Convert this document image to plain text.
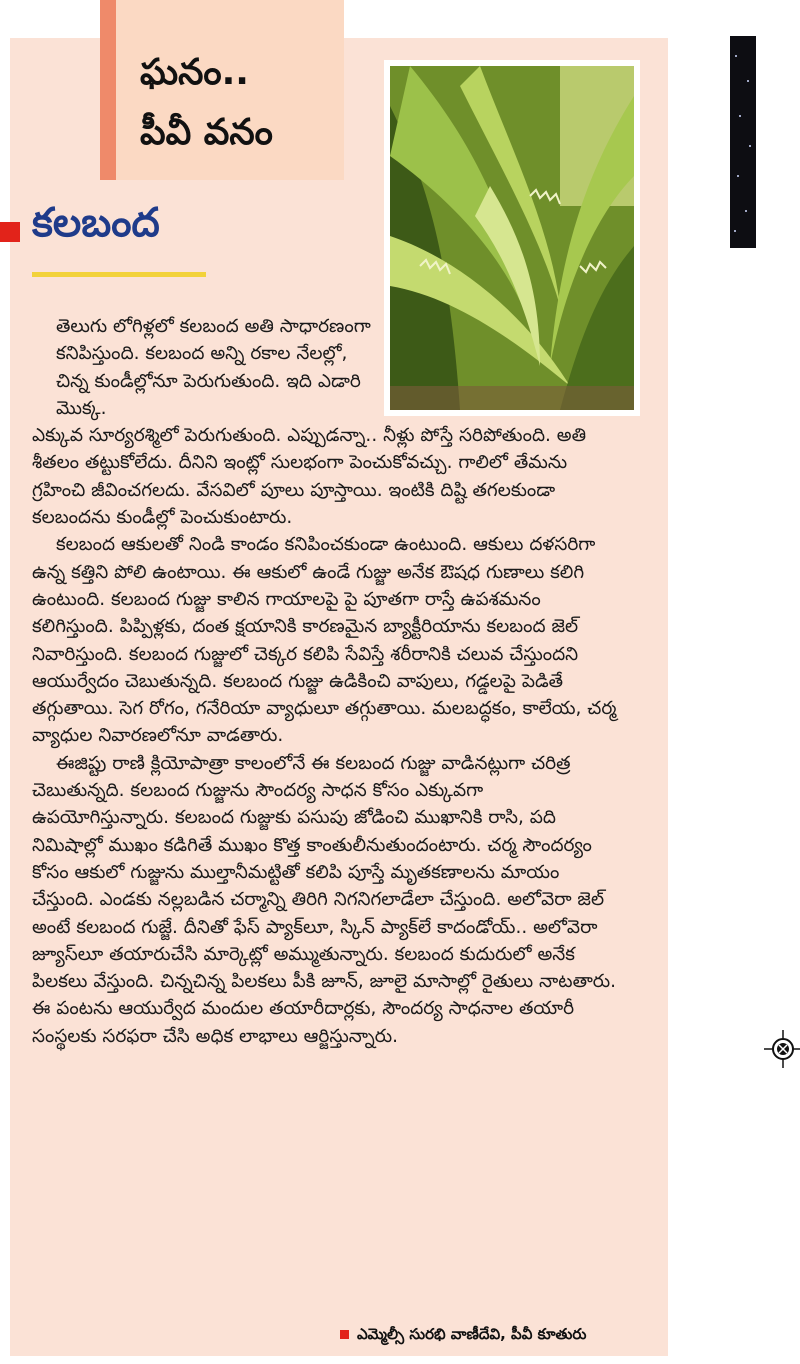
ఘనం..
పీవీ వనం
కలబంద

తెలుగు లోగిళ్లలో కలబంద అతి సాధారణంగా కనిపిస్తుంది. కలబంద అన్ని రకాల నేలల్లో, చిన్న కుండీల్లోనూ పెరుగుతుంది. ఇది ఎడారి మొక్క.

ఎక్కువ సూర్యరశ్మిలో పెరుగుతుంది. ఎప్పుడన్నా.. నీళ్లు పోస్తే సరిపోతుంది. అతి శీతలం తట్టుకోలేదు. దీనిని ఇంట్లో సులభంగా పెంచుకోవచ్చు. గాలిలో తేమను గ్రహించి జీవించగలదు. వేసవిలో పూలు పూస్తాయి. ఇంటికి దిష్టి తగలకుండా కలబందను కుండీల్లో పెంచుకుంటారు.

కలబంద ఆకులతో నిండి కాండం కనిపించకుండా ఉంటుంది. ఆకులు దళసరిగా ఉన్న కత్తిని పోలి ఉంటాయి. ఈ ఆకులో ఉండే గుజ్జు అనేక ఔషధ గుణాలు కలిగి ఉంటుంది. కలబంద గుజ్జు కాలిన గాయాలపై పై పూతగా రాస్తే ఉపశమనం కలిగిస్తుంది. పిప్పిళ్లకు, దంత క్షయానికి కారణమైన బ్యాక్టీరియాను కలబంద జెల్ నివారిస్తుంది. కలబంద గుజ్జులో చెక్కర కలిపి సేవిస్తే శరీరానికి చలువ చేస్తుందని ఆయుర్వేదం చెబుతున్నది. కలబంద గుజ్జు ఉడికించి వాపులు, గడ్డలపై పెడితే తగ్గుతాయి. సెగ రోగం, గనేరియా వ్యాధులూ తగ్గుతాయి. మలబద్ధకం, కాలేయ, చర్మ వ్యాధుల నివారణలోనూ వాడతారు.

ఈజిప్టు రాణి క్లియోపాత్రా కాలంలోనే ఈ కలబంద గుజ్జు వాడినట్లుగా చరిత్ర చెబుతున్నది. కలబంద గుజ్జును సౌందర్య సాధన కోసం ఎక్కువగా ఉపయోగిస్తున్నారు. కలబంద గుజ్జుకు పసుపు జోడించి ముఖానికి రాసి, పది నిమిషాల్లో ముఖం కడిగితే ముఖం కొత్త కాంతులీనుతుందంటారు. చర్మ సౌందర్యం కోసం ఆకులో గుజ్జును ముల్తానీమట్టితో కలిపి పూస్తే మృతకణాలను మాయం చేస్తుంది. ఎండకు నల్లబడిన చర్మాన్ని తిరిగి నిగనిగలాడేలా చేస్తుంది. అలోవెరా జెల్ అంటే కలబంద గుజ్జే. దీనితో ఫేస్ ప్యాక్‌లూ, స్కిన్ ప్యాక్‌లే కాదండోయ్.. అలోవెరా జ్యూస్‌లూ తయారుచేసి మార్కెట్లో అమ్ముతున్నారు. కలబంద కుదురులో అనేక పిలకలు వేస్తుంది. చిన్నచిన్న పిలకలు పీకి జూన్, జూలై మాసాల్లో రైతులు నాటతారు. ఈ పంటను ఆయుర్వేద మందుల తయారీదార్లకు, సౌందర్య సాధనాల తయారీ సంస్థలకు సరఫరా చేసి అధిక లాభాలు ఆర్జిస్తున్నారు.

ఎమ్మెల్సీ సురభి వాణీదేవి, పీవీ కూతురు
